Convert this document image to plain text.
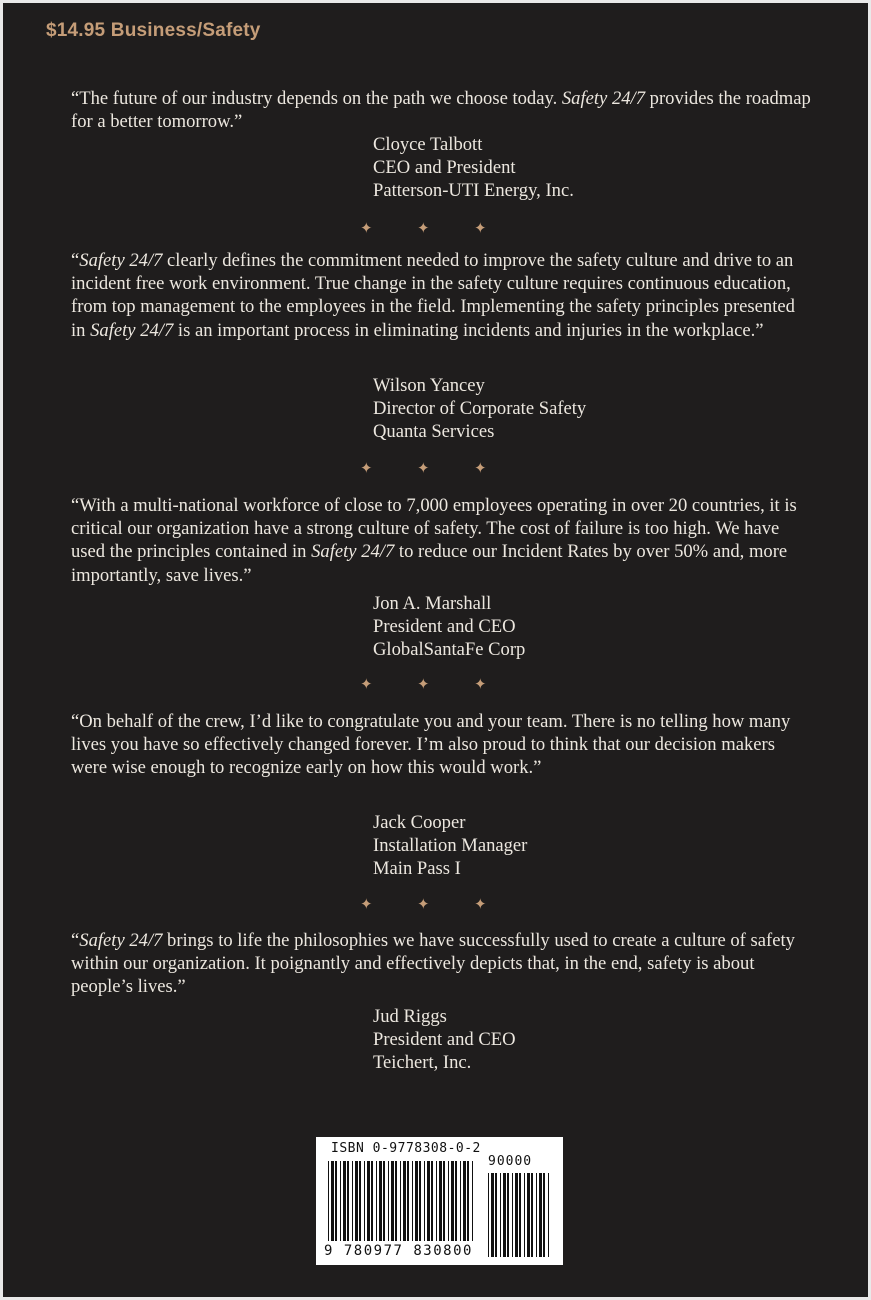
$14.95 Business/Safety

“The future of our industry depends on the path we choose today. Safety 24/7 provides the roadmap for a better tomorrow.”

Cloyce Talbott
CEO and President
Patterson-UTI Energy, Inc.
✦	✦	✦

“Safety 24/7 clearly defines the commitment needed to improve the safety culture and drive to an incident free work environment. True change in the safety culture requires continuous education, from top management to the employees in the field. Implementing the safety principles presented in Safety 24/7 is an important process in eliminating incidents and injuries in the workplace.”

Wilson Yancey
Director of Corporate Safety
Quanta Services
✦	✦	✦

“With a multi-national workforce of close to 7,000 employees operating in over 20 countries, it is critical our organization have a strong culture of safety. The cost of failure is too high. We have used the principles contained in Safety 24/7 to reduce our Incident Rates by over 50% and, more importantly, save lives.”

Jon A. Marshall
President and CEO
GlobalSantaFe Corp
✦	✦	✦

“On behalf of the crew, I’d like to congratulate you and your team. There is no telling how many lives you have so effectively changed forever. I’m also proud to think that our decision makers were wise enough to recognize early on how this would work.”

Jack Cooper
Installation Manager
Main Pass I
✦	✦	✦

“Safety 24/7 brings to life the philosophies we have successfully used to create a culture of safety within our organization. It poignantly and effectively depicts that, in the end, safety is about people’s lives.”

Jud Riggs
President and CEO
Teichert, Inc.
ISBN 0-9778308-0-2
90000
9 780977 830800
